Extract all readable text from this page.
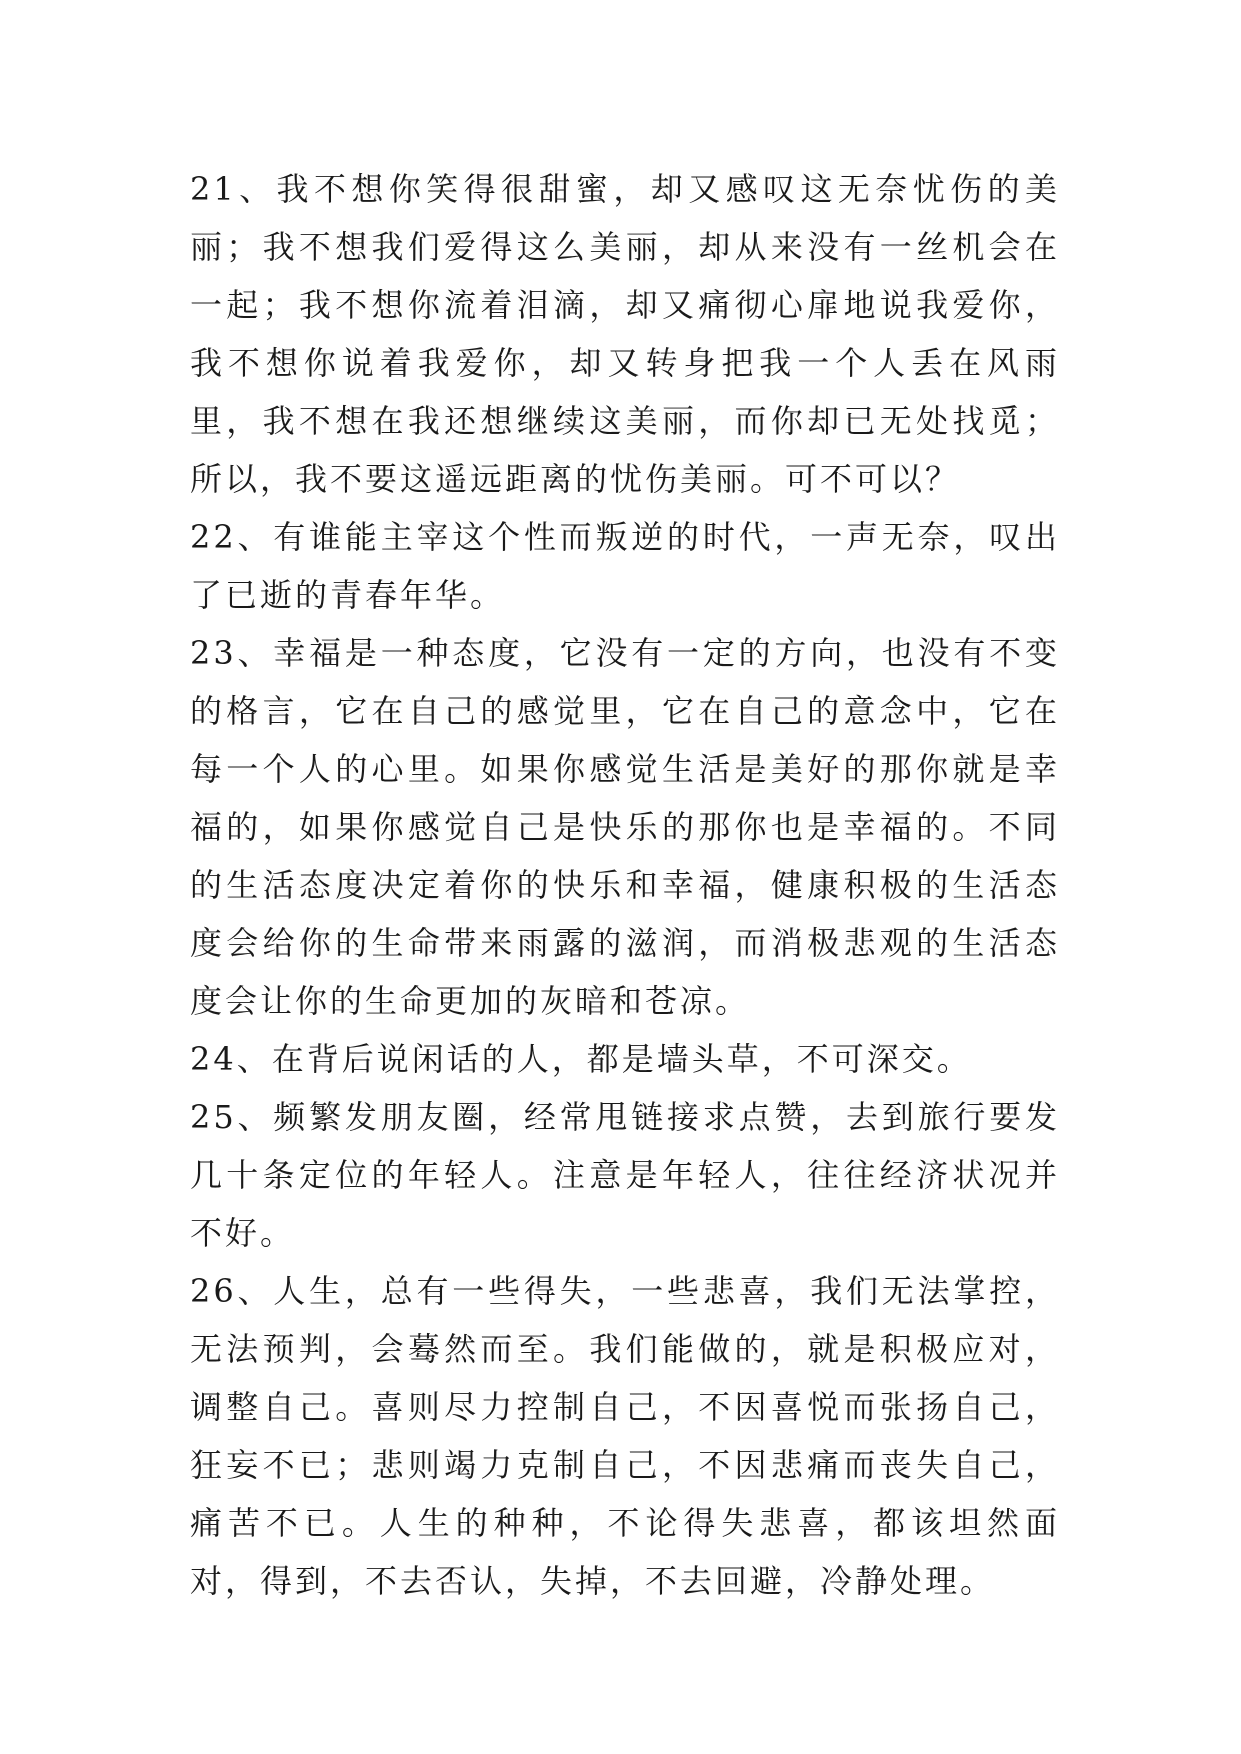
21、我不想你笑得很甜蜜，却又感叹这无奈忧伤的美丽；我不想我们爱得这么美丽，却从来没有一丝机会在一起；我不想你流着泪滴，却又痛彻心扉地说我爱你，我不想你说着我爱你，却又转身把我一个人丢在风雨里，我不想在我还想继续这美丽，而你却已无处找觅；所以，我不要这遥远距离的忧伤美丽。可不可以？

22、有谁能主宰这个性而叛逆的时代，一声无奈，叹出了已逝的青春年华。

23、幸福是一种态度，它没有一定的方向，也没有不变的格言，它在自己的感觉里，它在自己的意念中，它在每一个人的心里。如果你感觉生活是美好的那你就是幸福的，如果你感觉自己是快乐的那你也是幸福的。不同的生活态度决定着你的快乐和幸福，健康积极的生活态度会给你的生命带来雨露的滋润，而消极悲观的生活态度会让你的生命更加的灰暗和苍凉。

24、在背后说闲话的人，都是墙头草，不可深交。

25、频繁发朋友圈，经常甩链接求点赞，去到旅行要发几十条定位的年轻人。注意是年轻人，往往经济状况并不好。

26、人生，总有一些得失，一些悲喜，我们无法掌控，无法预判，会蓦然而至。我们能做的，就是积极应对，调整自己。喜则尽力控制自己，不因喜悦而张扬自己，狂妄不已；悲则竭力克制自己，不因悲痛而丧失自己，痛苦不已。人生的种种，不论得失悲喜，都该坦然面对，得到，不去否认，失掉，不去回避，冷静处理。
